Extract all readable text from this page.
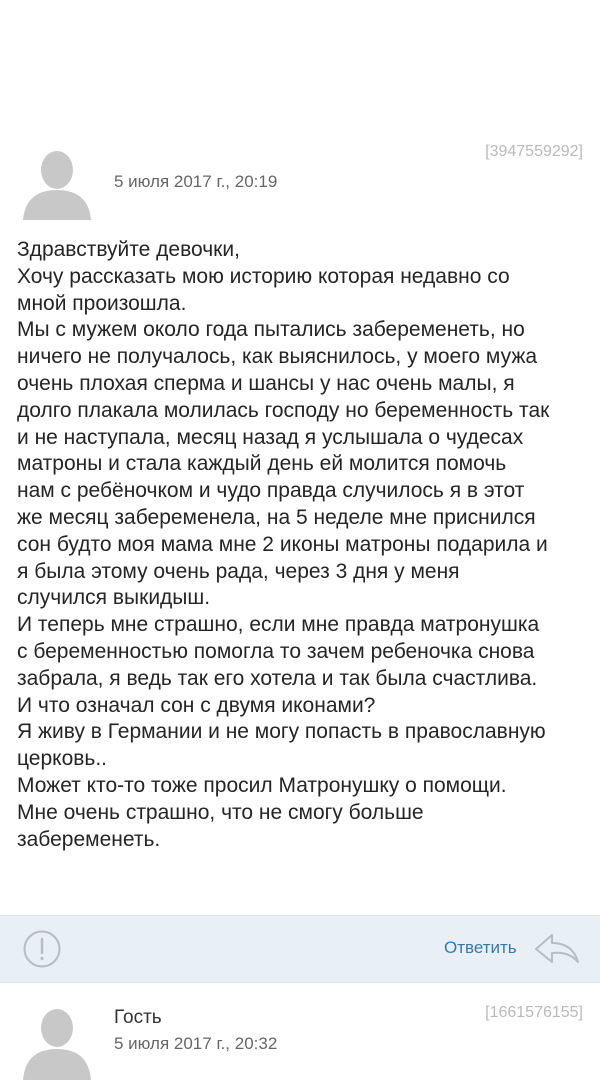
[3947559292]
5 июля 2017 г., 20:19

Здравствуйте девочки,

Хочу рассказать мою историю которая недавно со

мной произошла.

Мы с мужем около года пытались забеременеть, но

ничего не получалось, как выяснилось, у моего мужа

очень плохая сперма и шансы у нас очень малы, я

долго плакала молилась господу но беременность так

и не наступала, месяц назад я услышала о чудесах

матроны и стала каждый день ей молится помочь

нам с ребёночком и чудо правда случилось я в этот

же месяц забеременела, на 5 неделе мне приснился

сон будто моя мама мне 2 иконы матроны подарила и

я была этому очень рада, через 3 дня у меня

случился выкидыш.

И теперь мне страшно, если мне правда матронушка

с беременностью помогла то зачем ребеночка снова

забрала, я ведь так его хотела и так была счастлива.

И что означал сон с двумя иконами?

Я живу в Германии и не могу попасть в православную

церковь..

Может кто-то тоже просил Матронушку о помощи.

Мне очень страшно, что не смогу больше

забеременеть.

Ответить
Гость	[1661576155]
5 июля 2017 г., 20:32
